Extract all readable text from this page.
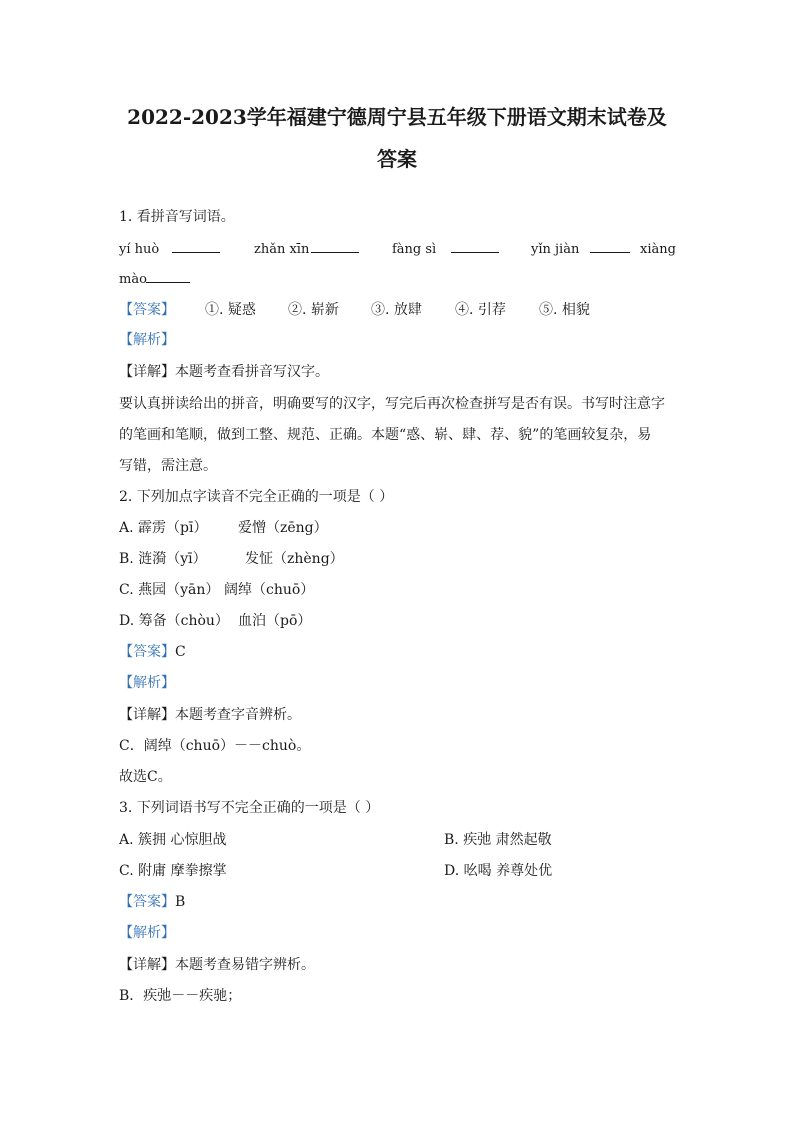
2022-2023学年福建宁德周宁县五年级下册语文期末试卷及
答案
1. 看拼音写词语。
yí huò	zhǎn xīn	fàng sì	yǐn jiàn	xiàng
mào
【答案】 ①. 疑惑 ②. 崭新 ③. 放肆 ④. 引荐 ⑤. 相貌
【解析】
【详解】本题考查看拼音写汉字。
要认真拼读给出的拼音，明确要写的汉字，写完后再次检查拼写是否有误。书写时注意字
的笔画和笔顺，做到工整、规范、正确。本题“惑、崭、肆、荐、貌”的笔画较复杂，易
写错，需注意。
2. 下列加点字读音不完全正确的一项是（ ）
A. 霹雳（pī） 爱憎（zēng）
B. 涟漪（yī）	发怔（zhèng）
C. 燕园（yān） 阔绰（chuō）
D. 筹备（chòu） 血泊（pō）
【答案】C
【解析】
【详解】本题考查字音辨析。
C．阔绰（chuō）－－chuò。
故选C。
3. 下列词语书写不完全正确的一项是（ ）
A. 簇拥 心惊胆战	B. 疾弛 肃然起敬
C. 附庸 摩拳擦掌	D. 吆喝 养尊处优
【答案】B
【解析】
【详解】本题考查易错字辨析。
B．疾弛－－疾驰；
